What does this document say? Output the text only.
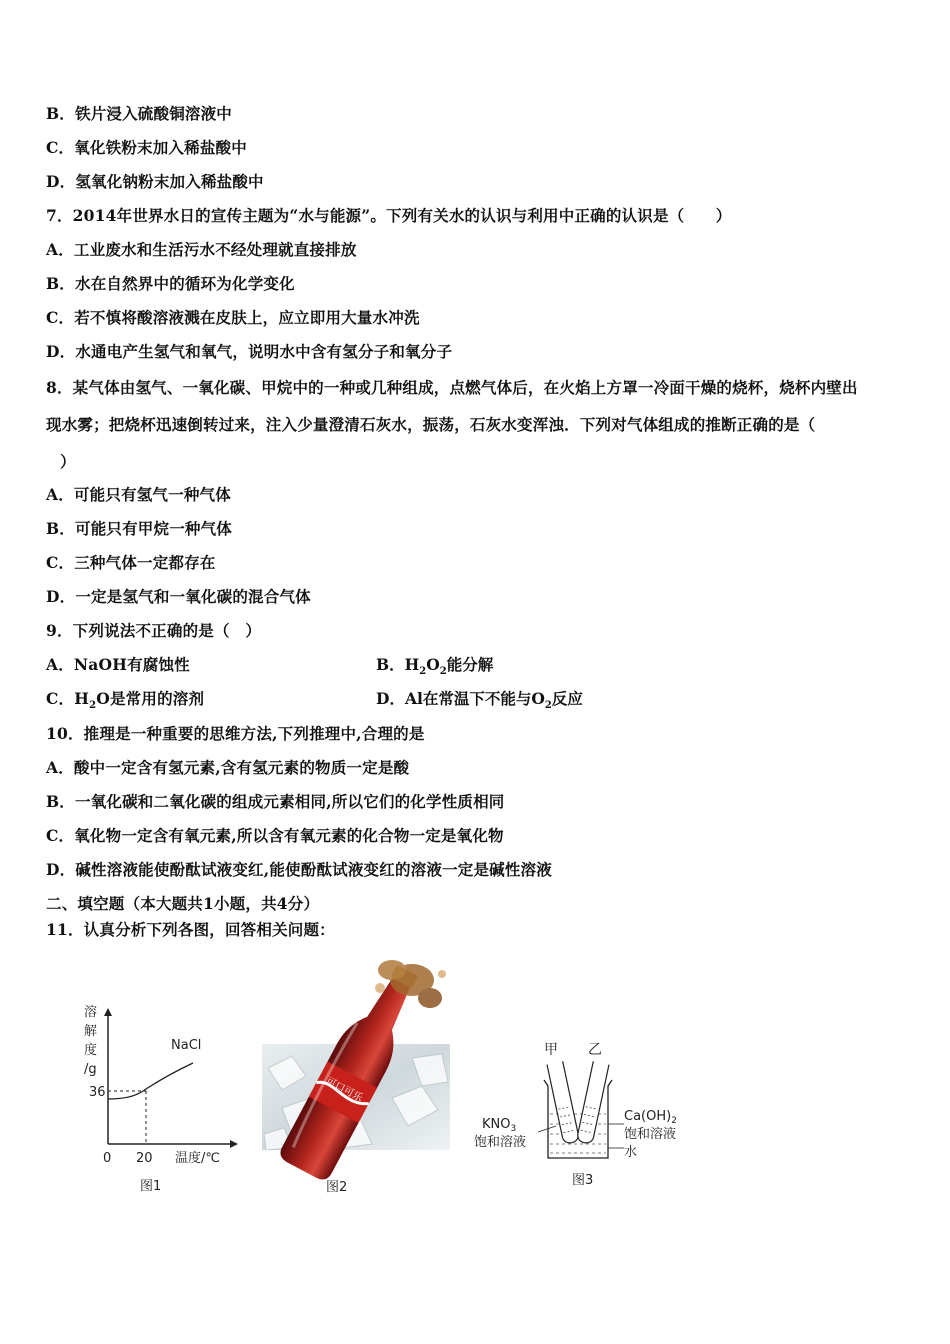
B．铁片浸入硫酸铜溶液中
C．氧化铁粉末加入稀盐酸中
D．氢氧化钠粉末加入稀盐酸中
7．2014年世界水日的宣传主题为“水与能源”。下列有关水的认识与利用中正确的认识是（　　）
A．工业废水和生活污水不经处理就直接排放
B．水在自然界中的循环为化学变化
C．若不慎将酸溶液溅在皮肤上，应立即用大量水冲洗
D．水通电产生氢气和氧气，说明水中含有氢分子和氧分子
8．某气体由氢气、一氧化碳、甲烷中的一种或几种组成，点燃气体后，在火焰上方罩一冷面干燥的烧杯，烧杯内壁出
现水雾；把烧杯迅速倒转过来，注入少量澄清石灰水，振荡，石灰水变浑浊．下列对气体组成的推断正确的是（
）
A．可能只有氢气一种气体
B．可能只有甲烷一种气体
C．三种气体一定都存在
D．一定是氢气和一氧化碳的混合气体
9．下列说法不正确的是（　）
A．NaOH有腐蚀性	B．$H_2O_2$能分解
C．$H_2O$是常用的溶剂	D．Al在常温下不能与$O_2$反应
10．推理是一种重要的思维方法,下列推理中,合理的是
A．酸中一定含有氢元素,含有氢元素的物质一定是酸
B．一氧化碳和二氧化碳的组成元素相同,所以它们的化学性质相同
C．氧化物一定含有氧元素,所以含有氧元素的化合物一定是氧化物
D．碱性溶液能使酚酞试液变红,能使酚酞试液变红的溶液一定是碱性溶液
二、填空题（本大题共1小题，共4分）
11．认真分析下列各图，回答相关问题：
溶
解
度
/g
NaCl
36
0 20 温度/℃
图1
可口可乐
图2
甲 乙
$KNO_3$
饱和溶液
$Ca(OH)_2$
饱和溶液
水
图3
